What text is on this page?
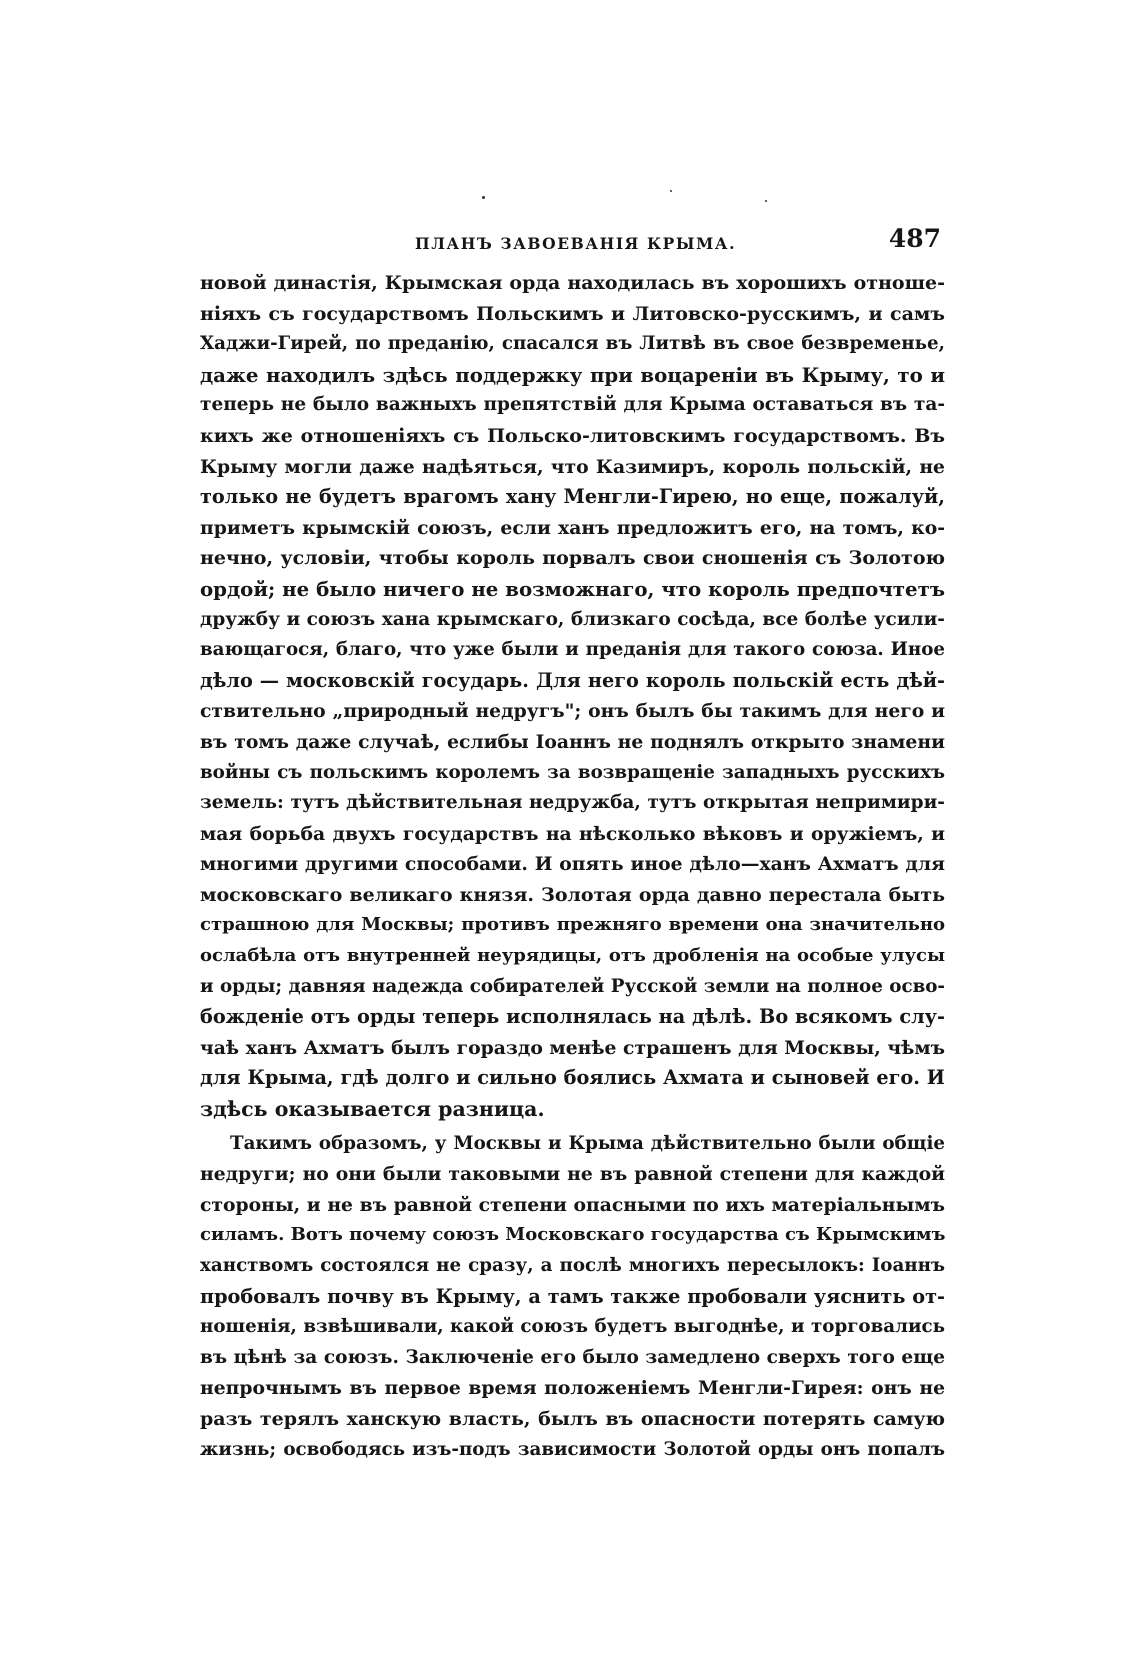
ПЛАНЪ ЗАВОЕВАНІЯ КРЫМА.	487
новой династія, Крымская орда находилась въ хорошихъ отноше-
ніяхъ съ государствомъ Польскимъ и Литовско-русскимъ, и самъ
Хаджи-Гирей, по преданію, спасался въ Литвѣ въ свое безвременье,
даже находилъ здѣсь поддержку при воцареніи въ Крыму, то и
теперь не было важныхъ препятствій для Крыма оставаться въ та-
кихъ же отношеніяхъ съ Польско-литовскимъ государствомъ. Въ
Крыму могли даже надѣяться, что Казимиръ, король польскій, не
только не будетъ врагомъ хану Менгли-Гирею, но еще, пожалуй,
приметъ крымскій союзъ, если ханъ предложитъ его, на томъ, ко-
нечно, условіи, чтобы король порвалъ свои сношенія съ Золотою
ордой; не было ничего не возможнаго, что король предпочтетъ
дружбу и союзъ хана крымскаго, близкаго сосѣда, все болѣе усили-
вающагося, благо, что уже были и преданія для такого союза. Иное
дѣло — московскій государь. Для него король польскій есть дѣй-
ствительно „природный недругъ"; онъ былъ бы такимъ для него и
въ томъ даже случаѣ, еслибы Іоаннъ не поднялъ открыто знамени
войны съ польскимъ королемъ за возвращеніе западныхъ русскихъ
земель: тутъ дѣйствительная недружба, тутъ открытая непримири-
мая борьба двухъ государствъ на нѣсколько вѣковъ и оружіемъ, и
многими другими способами. И опять иное дѣло—ханъ Ахматъ для
московскаго великаго князя. Золотая орда давно перестала быть
страшною для Москвы; противъ прежняго времени она значительно
ослабѣла отъ внутренней неурядицы, отъ дробленія на особые улусы
и орды; давняя надежда собирателей Русской земли на полное осво-
божденіе отъ орды теперь исполнялась на дѣлѣ. Во всякомъ слу-
чаѣ ханъ Ахматъ былъ гораздо менѣе страшенъ для Москвы, чѣмъ
для Крыма, гдѣ долго и сильно боялись Ахмата и сыновей его. И
здѣсь оказывается разница.
Такимъ образомъ, у Москвы и Крыма дѣйствительно были общіе
недруги; но они были таковыми не въ равной степени для каждой
стороны, и не въ равной степени опасными по ихъ матеріальнымъ
силамъ. Вотъ почему союзъ Московскаго государства съ Крымскимъ
ханствомъ состоялся не сразу, а послѣ многихъ пересылокъ: Іоаннъ
пробовалъ почву въ Крыму, а тамъ также пробовали уяснить от-
ношенія, взвѣшивали, какой союзъ будетъ выгоднѣе, и торговались
въ цѣнѣ за союзъ. Заключеніе его было замедлено сверхъ того еще
непрочнымъ въ первое время положеніемъ Менгли-Гирея: онъ не
разъ терялъ ханскую власть, былъ въ опасности потерять самую
жизнь; освободясь изъ-подъ зависимости Золотой орды онъ попалъ
